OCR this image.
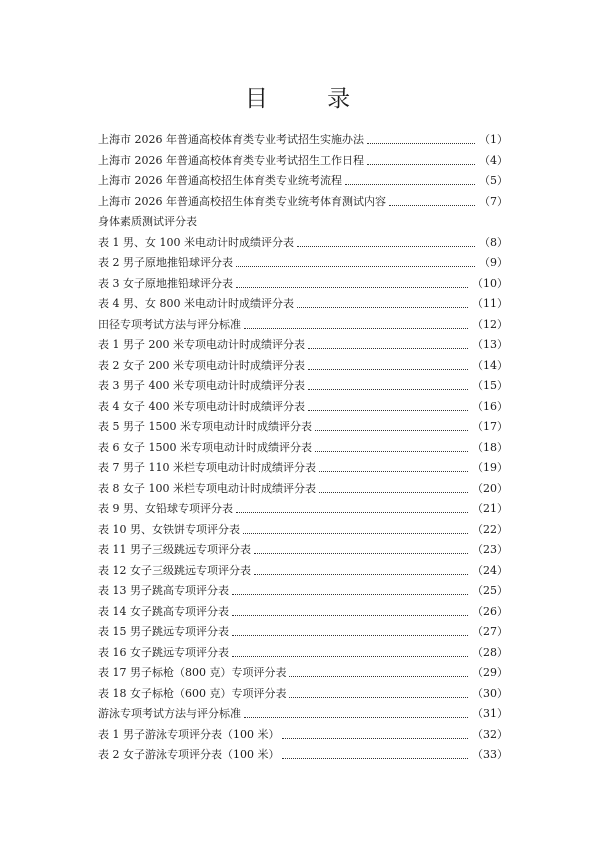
目 录
上海市 2026 年普通高校体育类专业考试招生实施办法	（1）
上海市 2026 年普通高校体育类专业考试招生工作日程	（4）
上海市 2026 年普通高校招生体育类专业统考流程	（5）
上海市 2026 年普通高校招生体育类专业统考体育测试内容	（7）
身体素质测试评分表
表 1 男、女 100 米电动计时成绩评分表	（8）
表 2 男子原地推铅球评分表	（9）
表 3 女子原地推铅球评分表	（10）
表 4 男、女 800 米电动计时成绩评分表	（11）
田径专项考试方法与评分标准	（12）
表 1 男子 200 米专项电动计时成绩评分表	（13）
表 2 女子 200 米专项电动计时成绩评分表	（14）
表 3 男子 400 米专项电动计时成绩评分表	（15）
表 4 女子 400 米专项电动计时成绩评分表	（16）
表 5 男子 1500 米专项电动计时成绩评分表	（17）
表 6 女子 1500 米专项电动计时成绩评分表	（18）
表 7 男子 110 米栏专项电动计时成绩评分表	（19）
表 8 女子 100 米栏专项电动计时成绩评分表	（20）
表 9 男、女铅球专项评分表	（21）
表 10 男、女铁饼专项评分表	（22）
表 11 男子三级跳远专项评分表	（23）
表 12 女子三级跳远专项评分表	（24）
表 13 男子跳高专项评分表	（25）
表 14 女子跳高专项评分表	（26）
表 15 男子跳远专项评分表	（27）
表 16 女子跳远专项评分表	（28）
表 17 男子标枪（800 克）专项评分表	（29）
表 18 女子标枪（600 克）专项评分表	（30）
游泳专项考试方法与评分标准	（31）
表 1 男子游泳专项评分表（100 米）	（32）
表 2 女子游泳专项评分表（100 米）	（33）
